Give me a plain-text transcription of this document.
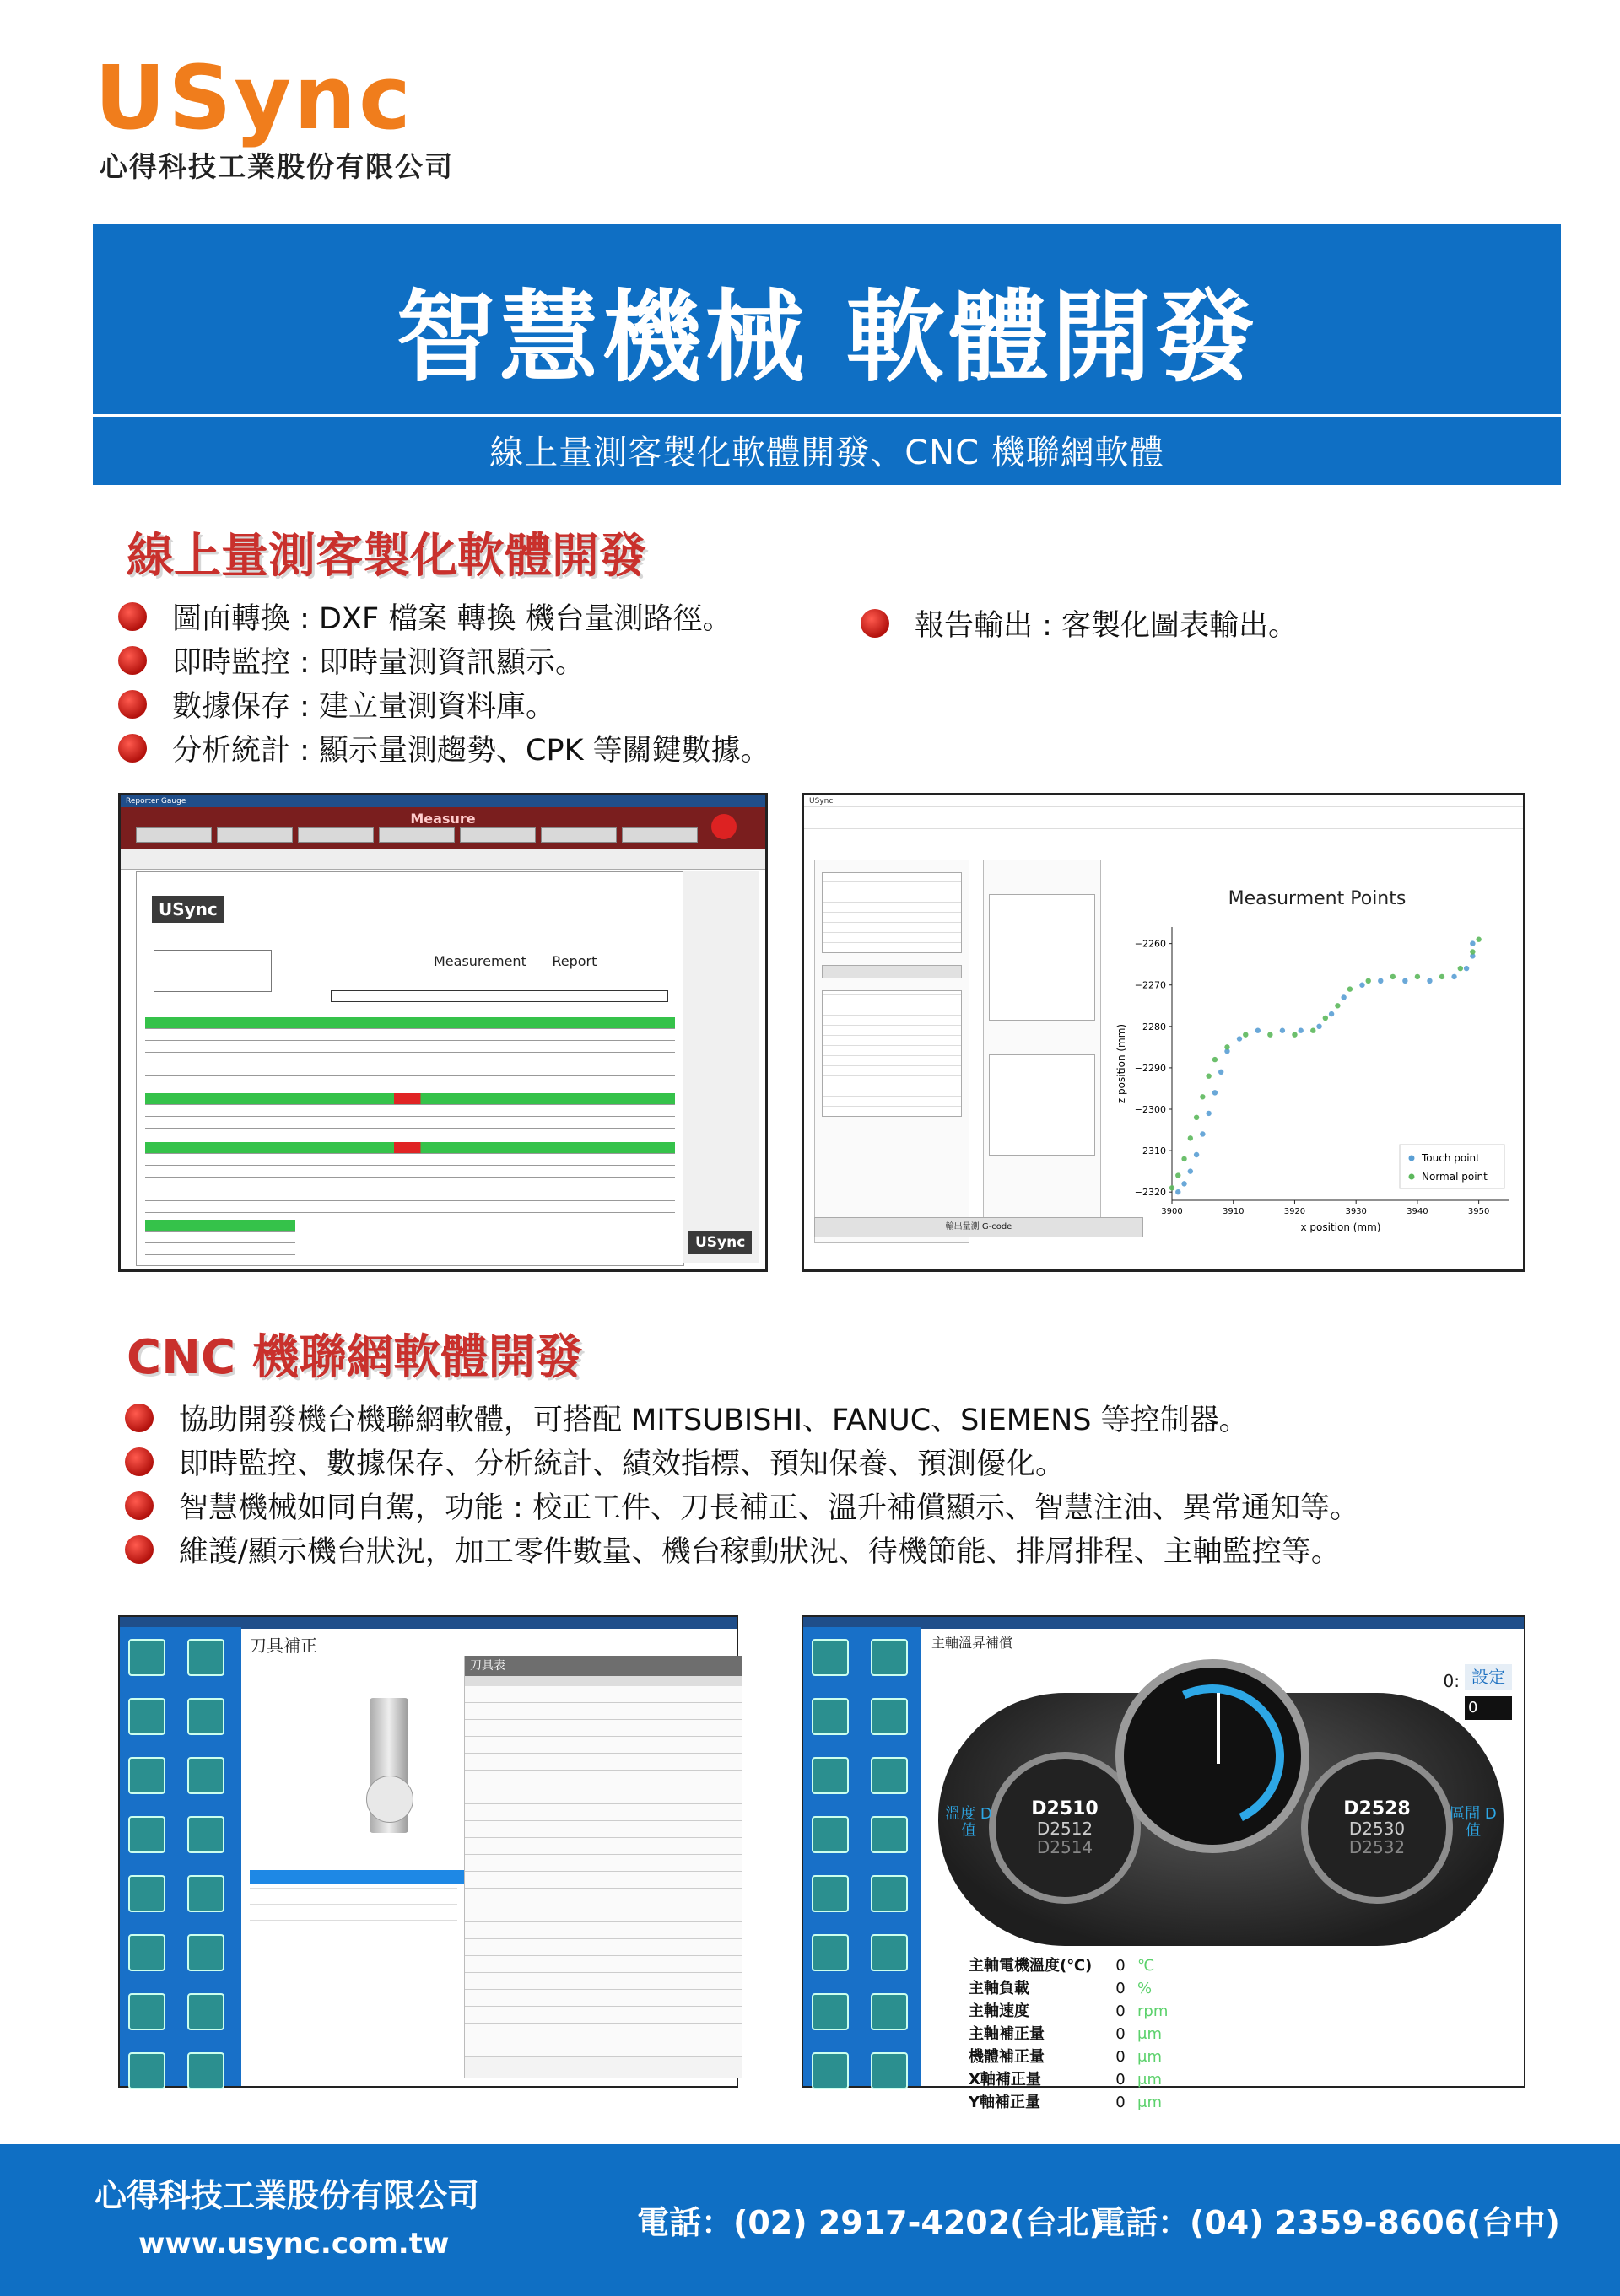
USync
心得科技工業股份有限公司
智慧機械 軟體開發
線上量測客製化軟體開發、CNC 機聯網軟體
線上量測客製化軟體開發
圖面轉換 : DXF 檔案 轉換 機台量測路徑。
即時監控 : 即時量測資訊顯示。
數據保存 : 建立量測資料庫。
分析統計 : 顯示量測趨勢、CPK 等關鍵數據。
報告輸出 : 客製化圖表輸出。
Reporter Gauge
Measure
USync
Measurement Report
USync
USync
輸出量測 G-code
Measurment Points
3900	3910	3920	3930	3940	3950
−2260
−2270
−2280
−2290
−2300
−2310
−2320
x position (mm)
z position (mm)
Touch point
Normal point
CNC 機聯網軟體開發
協助開發機台機聯網軟體，可搭配 MITSUBISHI、FANUC、SIEMENS 等控制器。
即時監控、數據保存、分析統計、績效指標、預知保養、預測優化。
智慧機械如同自駕，功能 : 校正工件、刀長補正、溫升補償顯示、智慧注油、異常通知等。
維護/顯示機台狀況，加工零件數量、機台稼動狀況、待機節能、排屑排程、主軸監控等。
刀具補正
刀具表
主軸溫昇補償
0: 設定
0
溫度 D值
D2510
D2512
D2514
區間 D值
D2528
D2530
D2532
主軸電機溫度(℃)	0 ℃
主軸負載	0 %
主軸速度	0 rpm
主軸補正量	0 μm
機體補正量	0 μm
X軸補正量	0 μm
Y軸補正量	0 μm
心得科技工業股份有限公司
www.usync.com.tw
電話：(02) 2917-4202(台北)
電話：(04) 2359-8606(台中)
